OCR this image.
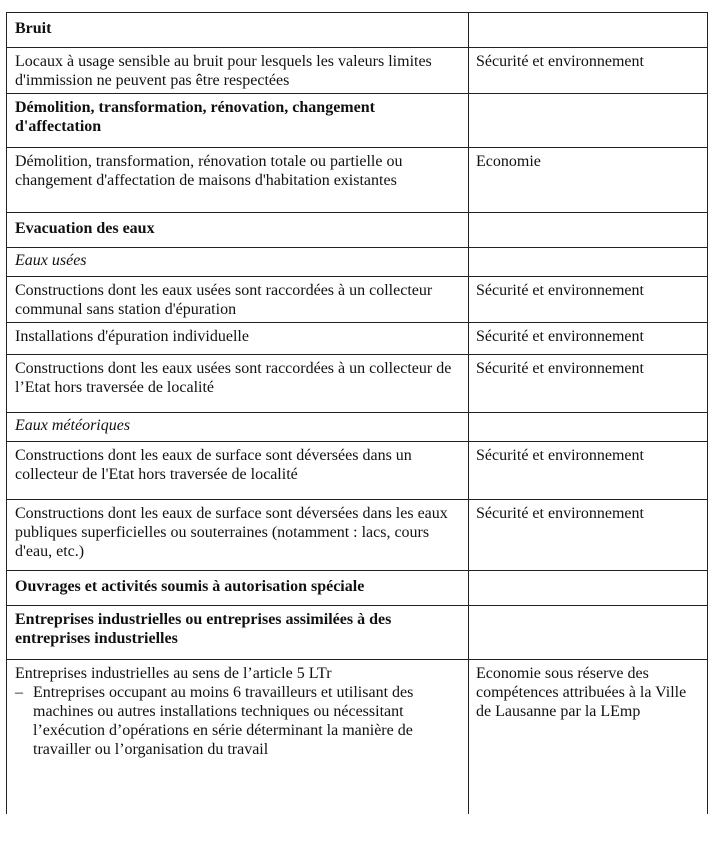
Bruit	
Locaux à usage sensible au bruit pour lesquels les valeurs limites d'immission ne peuvent pas être respectées	Sécurité et environnement
Démolition, transformation, rénovation, changement d'affectation	
Démolition, transformation, rénovation totale ou partielle ou changement d'affectation de maisons d'habitation existantes	Economie
Evacuation des eaux	
Eaux usées	
Constructions dont les eaux usées sont raccordées à un collecteur communal sans station d'épuration	Sécurité et environnement
Installations d'épuration individuelle	Sécurité et environnement
Constructions dont les eaux usées sont raccordées à un collecteur de l’Etat hors traversée de localité	Sécurité et environnement
Eaux météoriques	
Constructions dont les eaux de surface sont déversées dans un collecteur de l'Etat hors traversée de localité	Sécurité et environnement
Constructions dont les eaux de surface sont déversées dans les eaux publiques superficielles ou souterraines (notamment : lacs, cours d'eau, etc.)	Sécurité et environnement
Ouvrages et activités soumis à autorisation spéciale	
Entreprises industrielles ou entreprises assimilées à des entreprises industrielles	

Entreprises industrielles au sens de l’article 5 LTr
– Entreprises occupant au moins 6 travailleurs et utilisant des machines ou autres installations techniques ou nécessitant l’exécution d’opérations en série déterminant la manière de travailler ou l’organisation du travail	Economie sous réserve des compétences attribuées à la Ville de Lausanne par la LEmp
